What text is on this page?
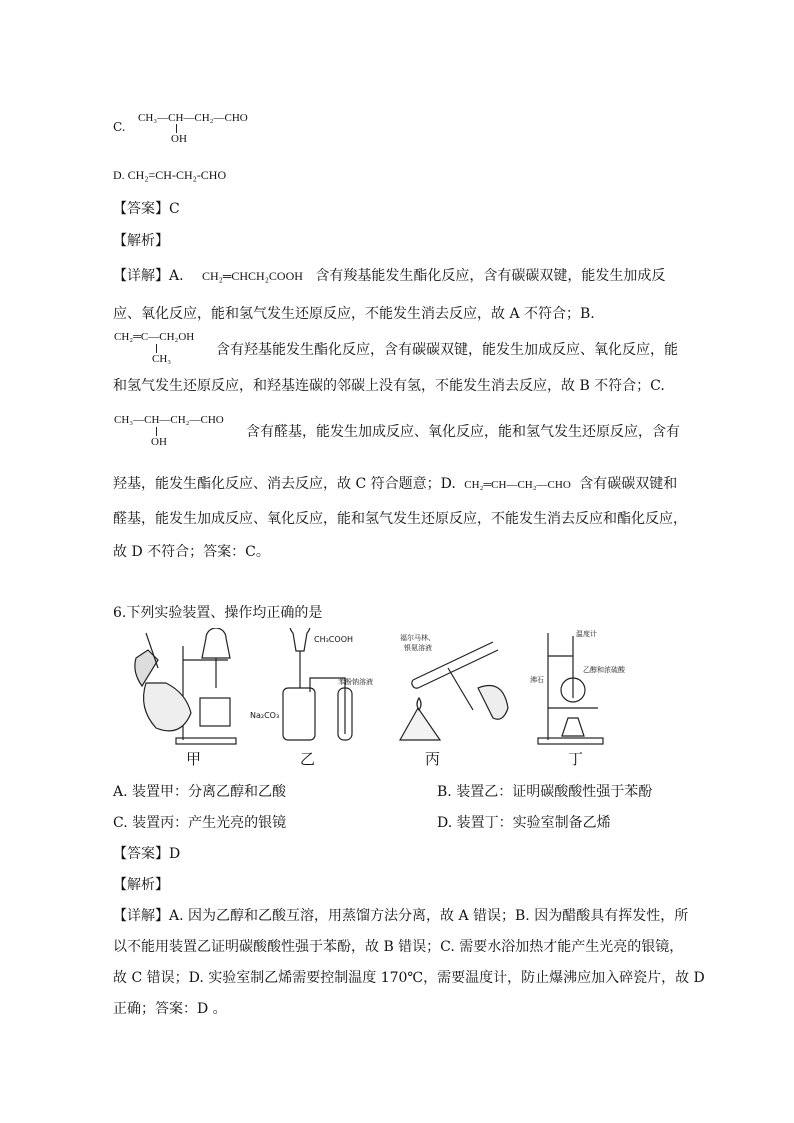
C.
CH₃—CH—CH₂—CHO
OH
D. CH₂=CH-CH₂-CHO
【答案】C
【解析】
【详解】A. CH₂═CHCH₂COOH 含有羧基能发生酯化反应，含有碳碳双键，能发生加成反
应、氧化反应，能和氢气发生还原反应，不能发生消去反应，故 A 不符合；B.
CH₂═C—CH₂OH
CH₃
含有羟基能发生酯化反应，含有碳碳双键，能发生加成反应、氧化反应，能
和氢气发生还原反应，和羟基连碳的邻碳上没有氢，不能发生消去反应，故 B 不符合；C.
CH₃—CH—CH₂—CHO
OH
含有醛基，能发生加成反应、氧化反应，能和氢气发生还原反应，含有
羟基，能发生酯化反应、消去反应，故 C 符合题意；D. CH₂═CH—CH₂—CHO 含有碳碳双键和
醛基，能发生加成反应、氧化反应，能和氢气发生还原反应，不能发生消去反应和酯化反应，
故 D 不符合；答案：C。
6.下列实验装置、操作均正确的是
CH₃COOH
Na₂CO₃
苯酚钠溶液
福尔马林、
银氨溶液
温度计
乙醇和浓硫酸
沸石
甲	乙	丙	丁
A. 装置甲：分离乙醇和乙酸	B. 装置乙：证明碳酸酸性强于苯酚
C. 装置丙：产生光亮的银镜	D. 装置丁：实验室制备乙烯
【答案】D
【解析】
【详解】A. 因为乙醇和乙酸互溶，用蒸馏方法分离，故 A 错误；B. 因为醋酸具有挥发性，所
以不能用装置乙证明碳酸酸性强于苯酚，故 B 错误；C. 需要水浴加热才能产生光亮的银镜，
故 C 错误；D. 实验室制乙烯需要控制温度 170℃，需要温度计，防止爆沸应加入碎瓷片，故 D
正确；答案：D 。
